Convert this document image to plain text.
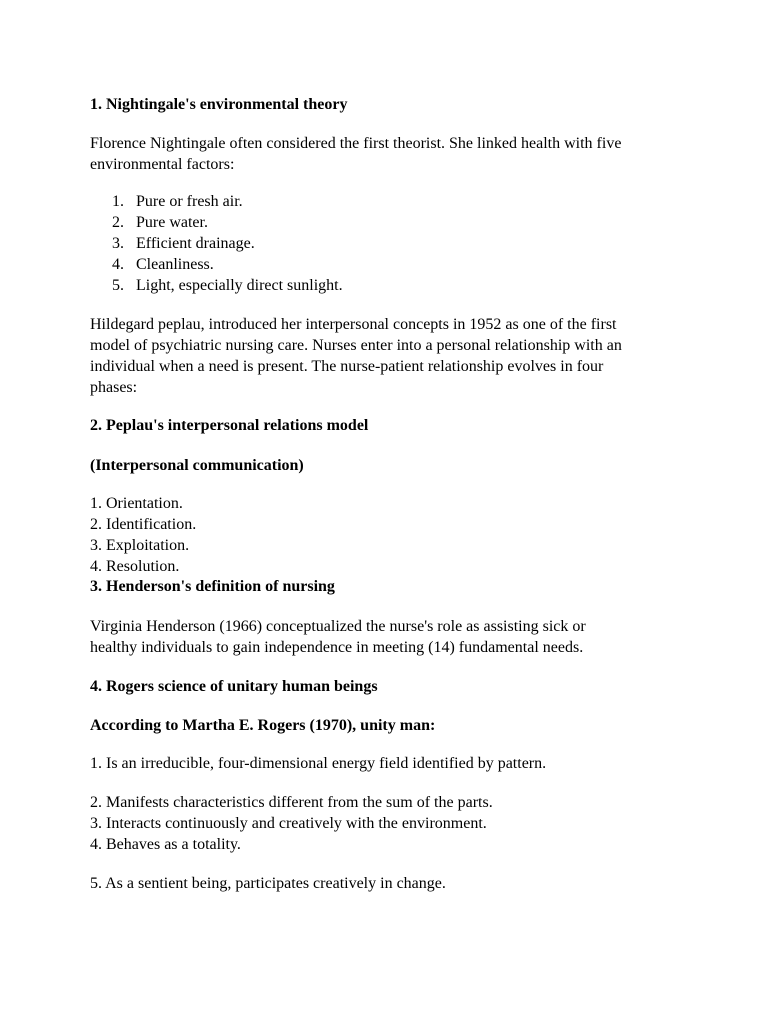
1. Nightingale's environmental theory

Florence Nightingale often considered the first theorist. She linked health with five

environmental factors:

1. Pure or fresh air.
2. Pure water.
3. Efficient drainage.
4. Cleanliness.
5. Light, especially direct sunlight.

Hildegard peplau, introduced her interpersonal concepts in 1952 as one of the first

model of psychiatric nursing care. Nurses enter into a personal relationship with an

individual when a need is present. The nurse-patient relationship evolves in four

phases:

2. Peplau's interpersonal relations model

(Interpersonal communication)

1. Orientation.
2. Identification.
3. Exploitation.
4. Resolution.

3. Henderson's definition of nursing

Virginia Henderson (1966) conceptualized the nurse's role as assisting sick or

healthy individuals to gain independence in meeting (14) fundamental needs.

4. Rogers science of unitary human beings

According to Martha E. Rogers (1970), unity man:

1. Is an irreducible, four-dimensional energy field identified by pattern.

2. Manifests characteristics different from the sum of the parts.
3. Interacts continuously and creatively with the environment.
4. Behaves as a totality.

5. As a sentient being, participates creatively in change.
